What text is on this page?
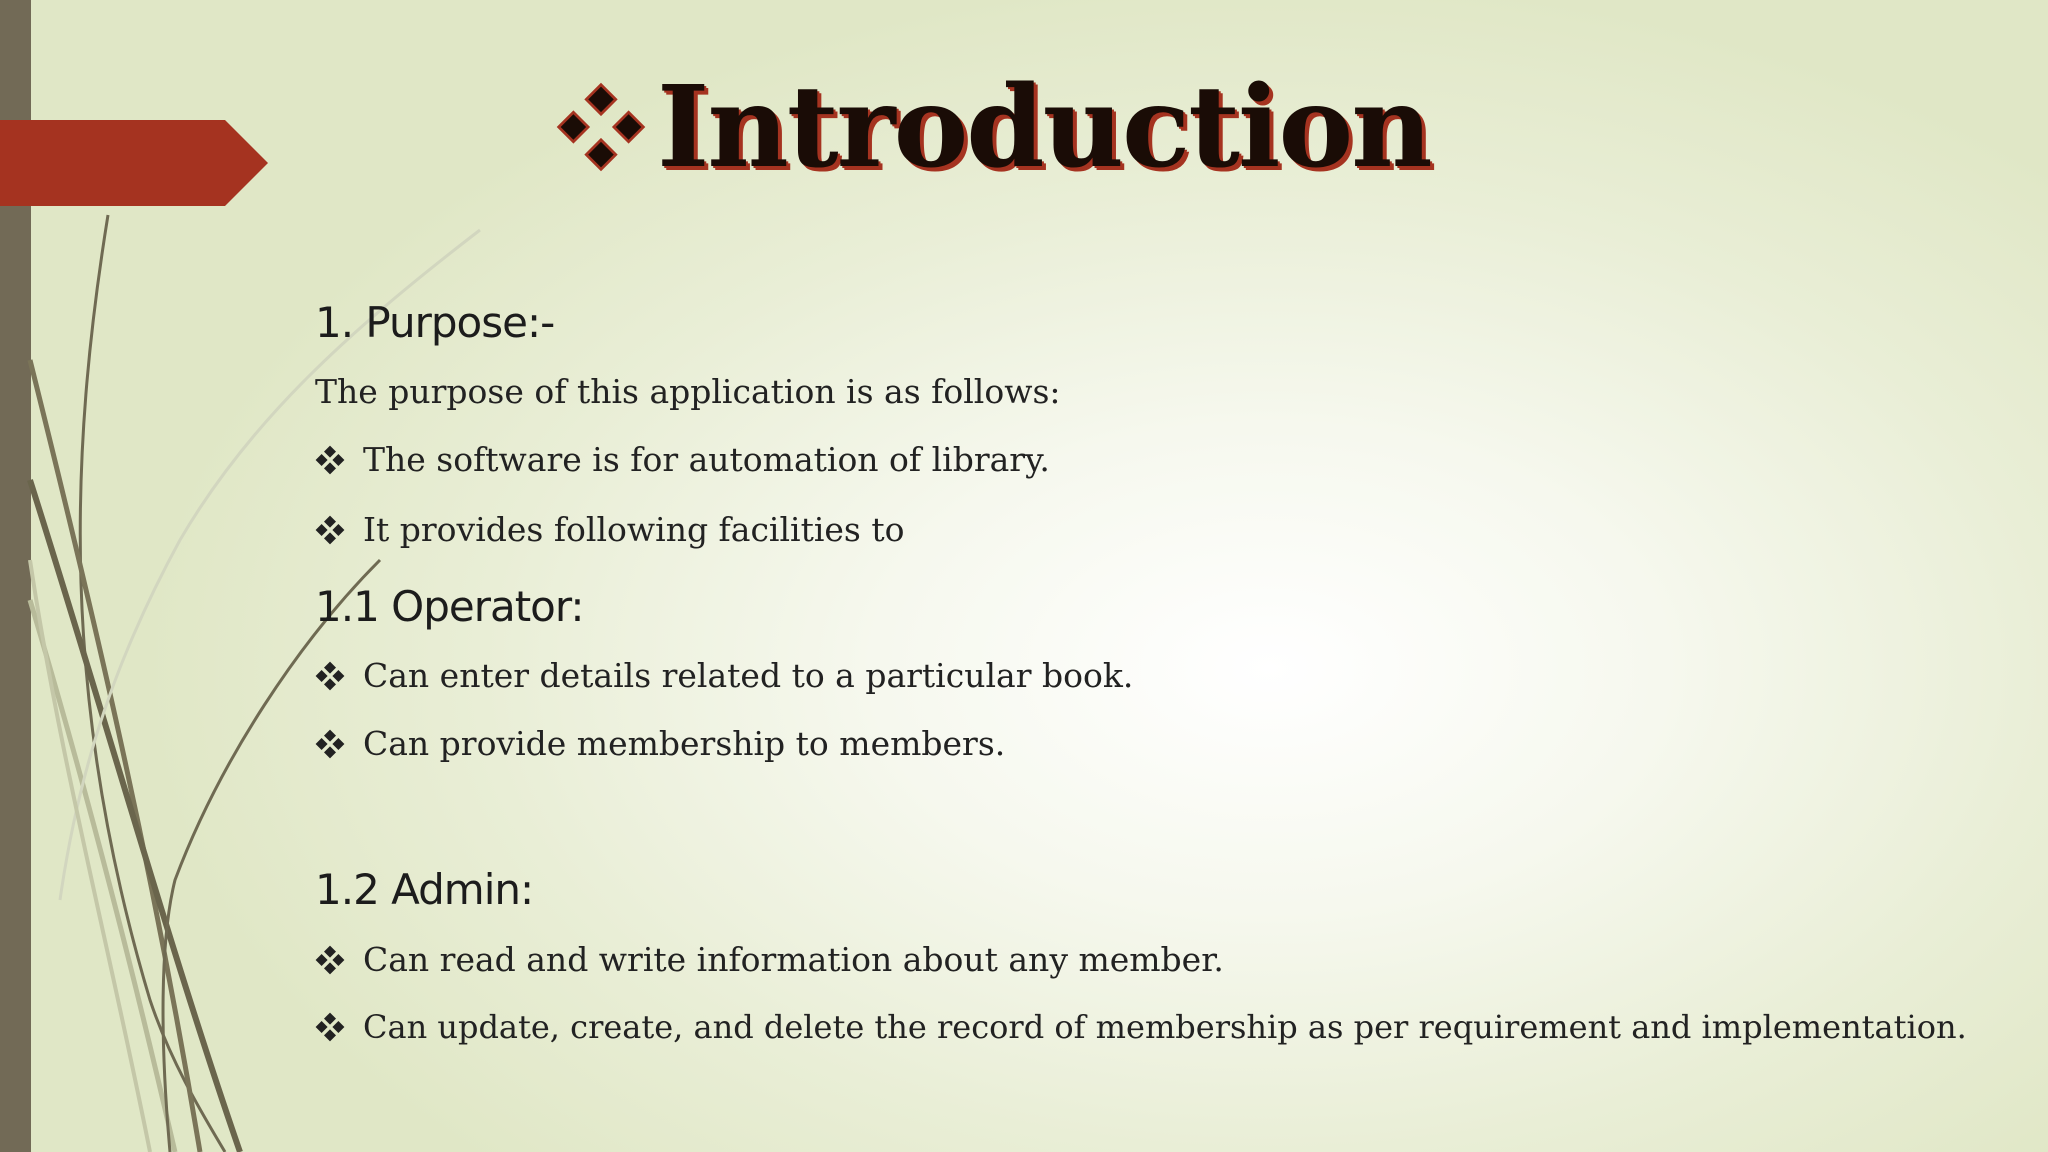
Introduction
1. Purpose:-
The purpose of this application is as follows:
The software is for automation of library.
It provides following facilities to
1.1 Operator:
Can enter details related to a particular book.
Can provide membership to members.
1.2 Admin:
Can read and write information about any member.
Can update, create, and delete the record of membership as per requirement and implementation.
